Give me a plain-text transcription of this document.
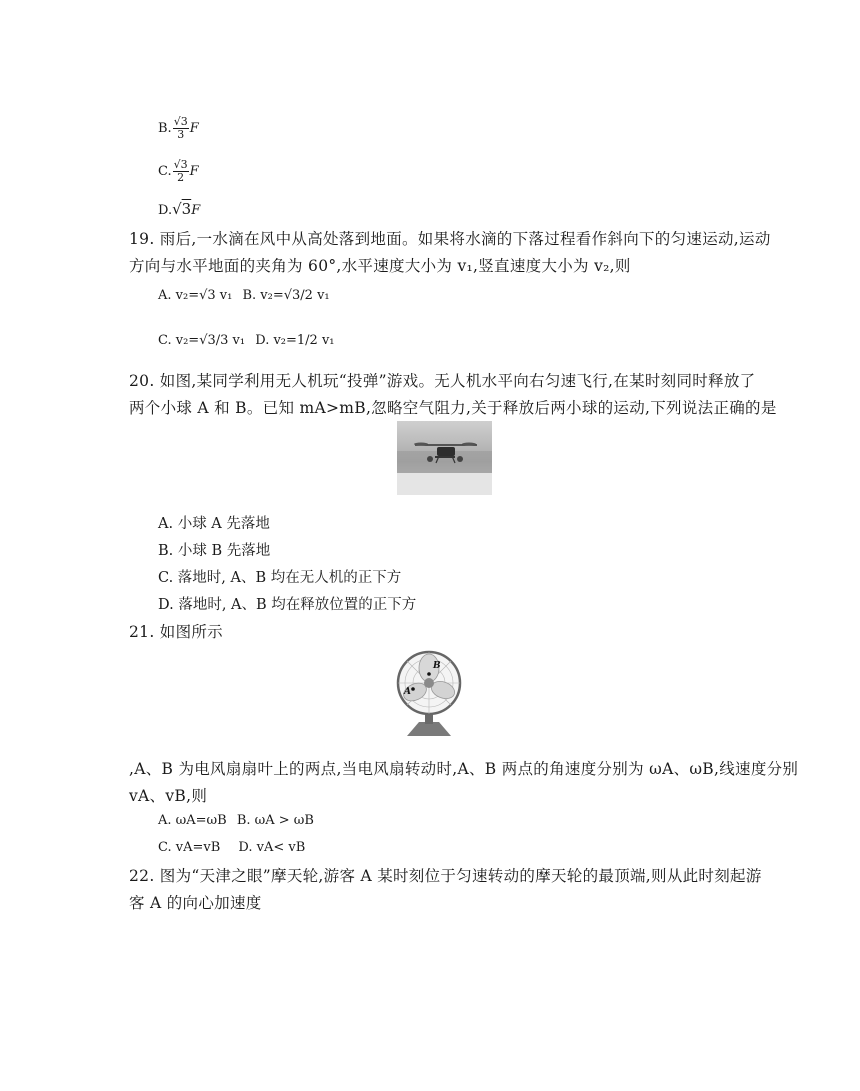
B. $\frac{√3}{3}$ F
C. $\frac{√3}{2}$ F
D.√3F
19. 雨后,一水滴在风中从高处落到地面。如果将水滴的下落过程看作斜向下的匀速运动,运动
方向与水平地面的夹角为 60°,水平速度大小为 v₁,竖直速度大小为 v₂,则
A. v₂=√3 v₁ B. v₂=√3/2 v₁
C. v₂=√3/3 v₁ D. v₂=1/2 v₁
20. 如图,某同学利用无人机玩“投弹”游戏。无人机水平向右匀速飞行,在某时刻同时释放了
两个小球 A 和 B。已知 mA>mB,忽略空气阻力,关于释放后两小球的运动,下列说法正确的是
A. 小球 A 先落地
B. 小球 B 先落地
C. 落地时, A、B 均在无人机的正下方
D. 落地时, A、B 均在释放位置的正下方
21. 如图所示
B
A
,A、B 为电风扇扇叶上的两点,当电风扇转动时,A、B 两点的角速度分别为 ωA、ωB,线速度分别
vA、vB,则
A. ωA=ωB B. ωA > ωB
C. vA=vB D. vA< vB
22. 图为“天津之眼”摩天轮,游客 A 某时刻位于匀速转动的摩天轮的最顶端,则从此时刻起游
客 A 的向心加速度
